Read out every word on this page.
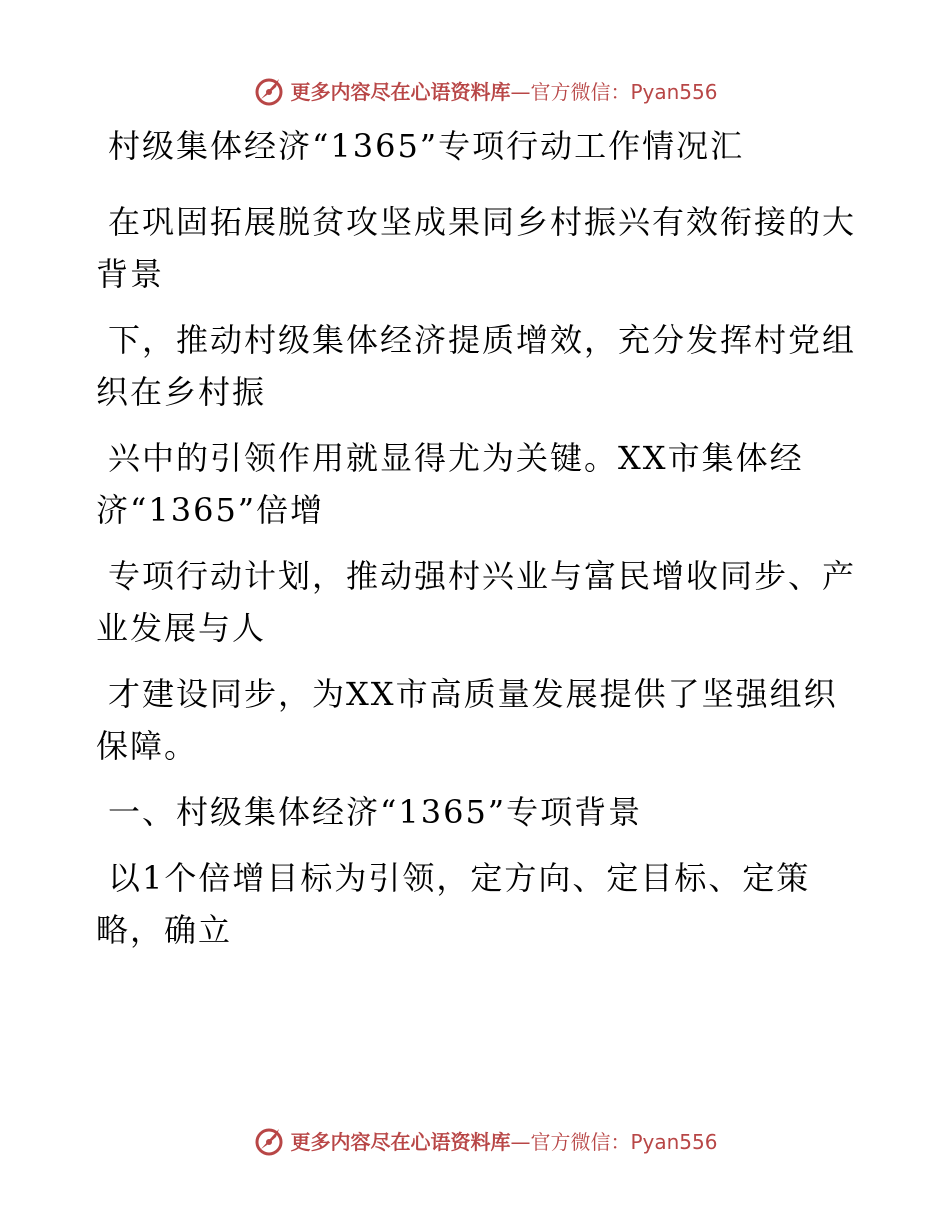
更多内容尽在心语资料库—官方微信：Pyan556

村级集体经济“1365”专项行动工作情况汇

在巩固拓展脱贫攻坚成果同乡村振兴有效衔接的大背景

下，推动村级集体经济提质增效，充分发挥村党组织在乡村振

兴中的引领作用就显得尤为关键。XX市集体经济“1365”倍增

专项行动计划，推动强村兴业与富民增收同步、产业发展与人

才建设同步，为XX市高质量发展提供了坚强组织保障。

一、村级集体经济“1365”专项背景

以1个倍增目标为引领，定方向、定目标、定策略，确立

更多内容尽在心语资料库—官方微信：Pyan556
